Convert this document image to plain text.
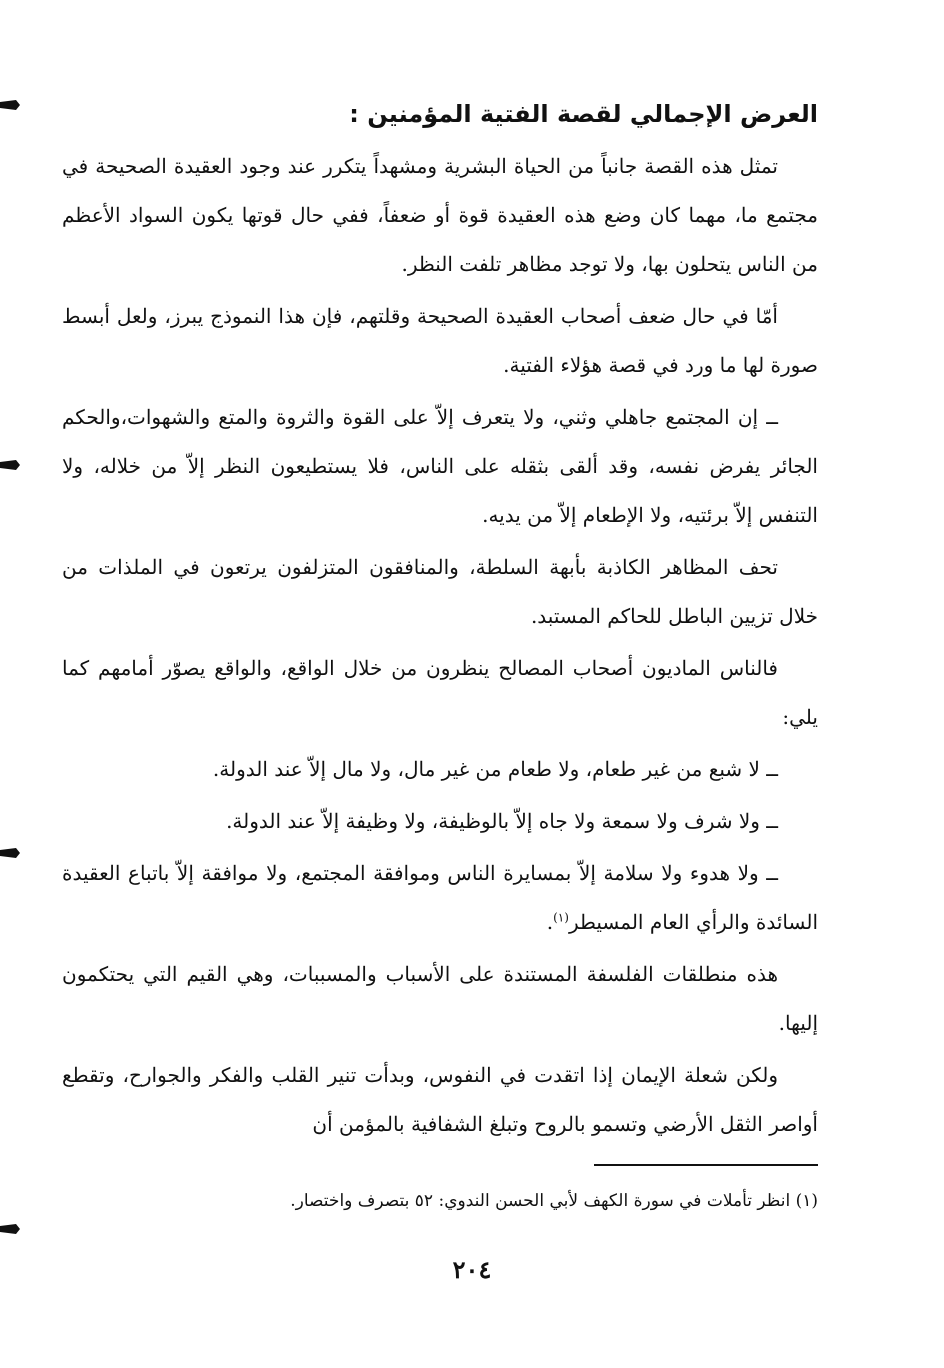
العرض الإجمالي لقصة الفتية المؤمنين :

تمثل هذه القصة جانباً من الحياة البشرية ومشهداً يتكرر عند وجود العقيدة الصحيحة في مجتمع ما، مهما كان وضع هذه العقيدة قوة أو ضعفاً، ففي حال قوتها يكون السواد الأعظم من الناس يتحلون بها، ولا توجد مظاهر تلفت النظر.

أمّا في حال ضعف أصحاب العقيدة الصحيحة وقلتهم، فإن هذا النموذج يبرز، ولعل أبسط صورة لها ما ورد في قصة هؤلاء الفتية.

ــ إن المجتمع جاهلي وثني، ولا يتعرف إلاّ على القوة والثروة والمتع والشهوات،والحكم الجائر يفرض نفسه، وقد ألقى بثقله على الناس، فلا يستطيعون النظر إلاّ من خلاله، ولا التنفس إلاّ برئتيه، ولا الإطعام إلاّ من يديه.

تحف المظاهر الكاذبة بأبهة السلطة، والمنافقون المتزلفون يرتعون في الملذات من خلال تزيين الباطل للحاكم المستبد.

فالناس الماديون أصحاب المصالح ينظرون من خلال الواقع، والواقع يصوّر أمامهم كما يلي:

ــ لا شبع من غير طعام، ولا طعام من غير مال، ولا مال إلاّ عند الدولة.

ــ ولا شرف ولا سمعة ولا جاه إلاّ بالوظيفة، ولا وظيفة إلاّ عند الدولة.

ــ ولا هدوء ولا سلامة إلاّ بمسايرة الناس وموافقة المجتمع، ولا موافقة إلاّ باتباع العقيدة السائدة والرأي العام المسيطر$^{(١)}$.

هذه منطلقات الفلسفة المستندة على الأسباب والمسببات، وهي القيم التي يحتكمون إليها.

ولكن شعلة الإيمان إذا اتقدت في النفوس، وبدأت تنير القلب والفكر والجوارح، وتقطع أواصر الثقل الأرضي وتسمو بالروح وتبلغ الشفافية بالمؤمن أن

(١) انظر تأملات في سورة الكهف لأبي الحسن الندوي: ٥٢ بتصرف واختصار.
٢٠٤
